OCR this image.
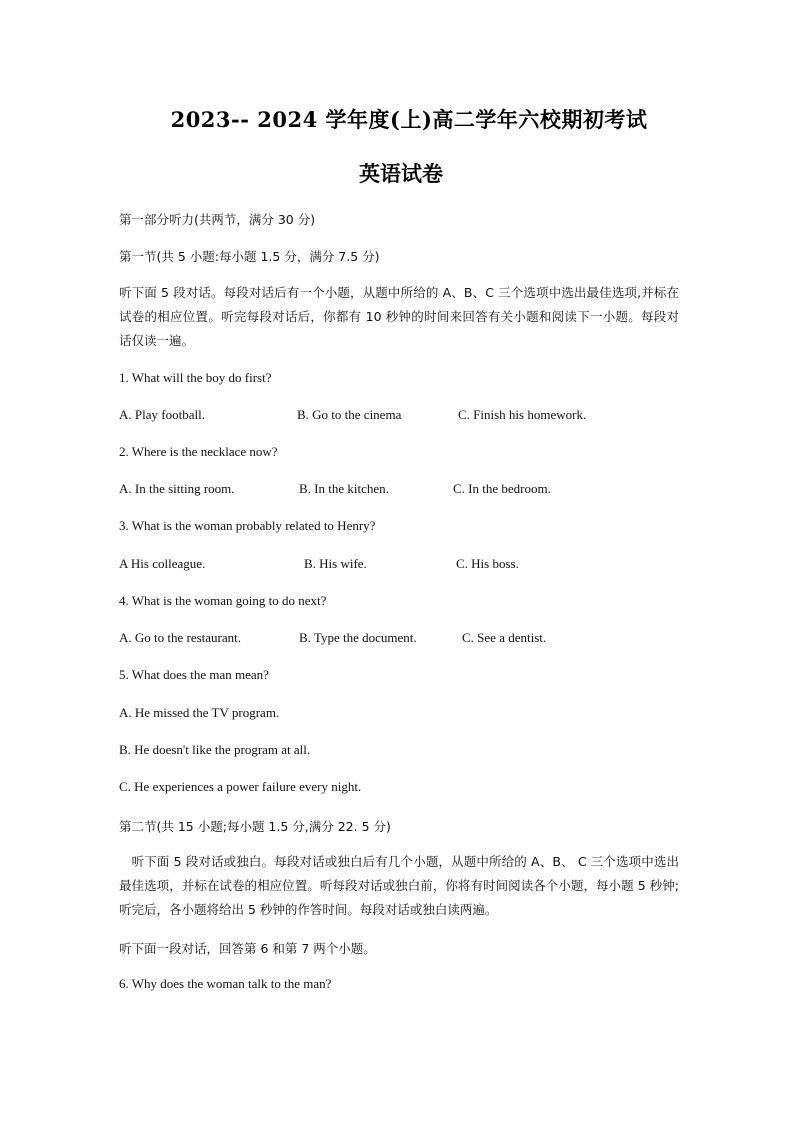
2023-- 2024 学年度(上)高二学年六校期初考试
英语试卷
第一部分听力(共两节，满分 30 分)
第一节(共 5 小题:每小题 1.5 分，满分 7.5 分)
听下面 5 段对话。每段对话后有一个小题，从题中所给的 A、B、C 三个选项中选出最佳选项,并标在试卷的相应位置。听完每段对话后，你都有 10 秒钟的时间来回答有关小题和阅读下一小题。每段对话仅读一遍。
1. What will the boy do first?
A. Play football.	B. Go to the cinema	C. Finish his homework.
2. Where is the necklace now?
A. In the sitting room.	B. In the kitchen.	C. In the bedroom.
3. What is the woman probably related to Henry?
A His colleague.	B. His wife.	C. His boss.
4. What is the woman going to do next?
A. Go to the restaurant.	B. Type the document.	C. See a dentist.
5. What does the man mean?
A. He missed the TV program.
B. He doesn't like the program at all.
C. He experiences a power failure every night.
第二节(共 15 小题;每小题 1.5 分,满分 22. 5 分)
　听下面 5 段对话或独白。每段对话或独白后有几个小题，从题中所给的 A、B、 C 三个选项中选出最佳选项，并标在试卷的相应位置。听每段对话或独白前，你将有时间阅读各个小题，每小题 5 秒钟;听完后，各小题将给出 5 秒钟的作答时间。每段对话或独白读两遍。
听下面一段对话，回答第 6 和第 7 两个小题。
6. Why does the woman talk to the man?
